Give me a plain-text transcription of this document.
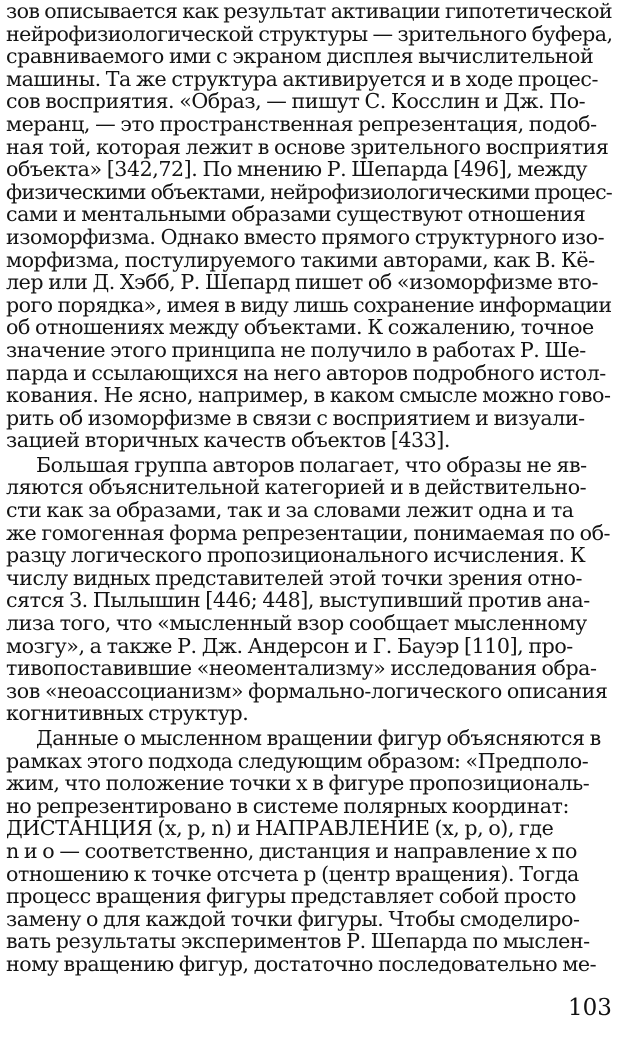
зов описывается как результат активации гипотетической
нейрофизиологической структуры — зрительного буфера,
сравниваемого ими с экраном дисплея вычислительной
машины. Та же структура активируется и в ходе процес-
сов восприятия. «Образ, — пишут С. Косслин и Дж. По-
меранц, — это пространственная репрезентация, подоб-
ная той, которая лежит в основе зрительного восприятия
объекта» [342,72]. По мнению Р. Шепарда [496], между
физическими объектами, нейрофизиологическими процес-
сами и ментальными образами существуют отношения
изоморфизма. Однако вместо прямого структурного изо-
морфизма, постулируемого такими авторами, как В. Кё-
лер или Д. Хэбб, Р. Шепард пишет об «изоморфизме вто-
рого порядка», имея в виду лишь сохранение информации
об отношениях между объектами. К сожалению, точное
значение этого принципа не получило в работах Р. Ше-
парда и ссылающихся на него авторов подробного истол-
кования. Не ясно, например, в каком смысле можно гово-
рить об изоморфизме в связи с восприятием и визуали-
зацией вторичных качеств объектов [433].

Большая группа авторов полагает, что образы не яв-
ляются объяснительной категорией и в действительно-
сти как за образами, так и за словами лежит одна и та
же гомогенная форма репрезентации, понимаемая по об-
разцу логического пропозиционального исчисления. К
числу видных представителей этой точки зрения отно-
сятся З. Пылышин [446; 448], выступивший против ана-
лиза того, что «мысленный взор сообщает мысленному
мозгу», а также Р. Дж. Андерсон и Г. Бауэр [110], про-
тивопоставившие «неоментализму» исследования обра-
зов «неоассоцианизм» формально-логического описания
когнитивных структур.

Данные о мысленном вращении фигур объясняются в
рамках этого подхода следующим образом: «Предполо-
жим, что положение точки x в фигуре пропозициональ-
но репрезентировано в системе полярных координат:
ДИСТАНЦИЯ (x, p, n) и НАПРАВЛЕНИЕ (x, p, o), где
n и o — соответственно, дистанция и направление x по
отношению к точке отсчета p (центр вращения). Тогда
процесс вращения фигуры представляет собой просто
замену o для каждой точки фигуры. Чтобы смоделиро-
вать результаты экспериментов Р. Шепарда по мыслен-
ному вращению фигур, достаточно последовательно ме-

103
